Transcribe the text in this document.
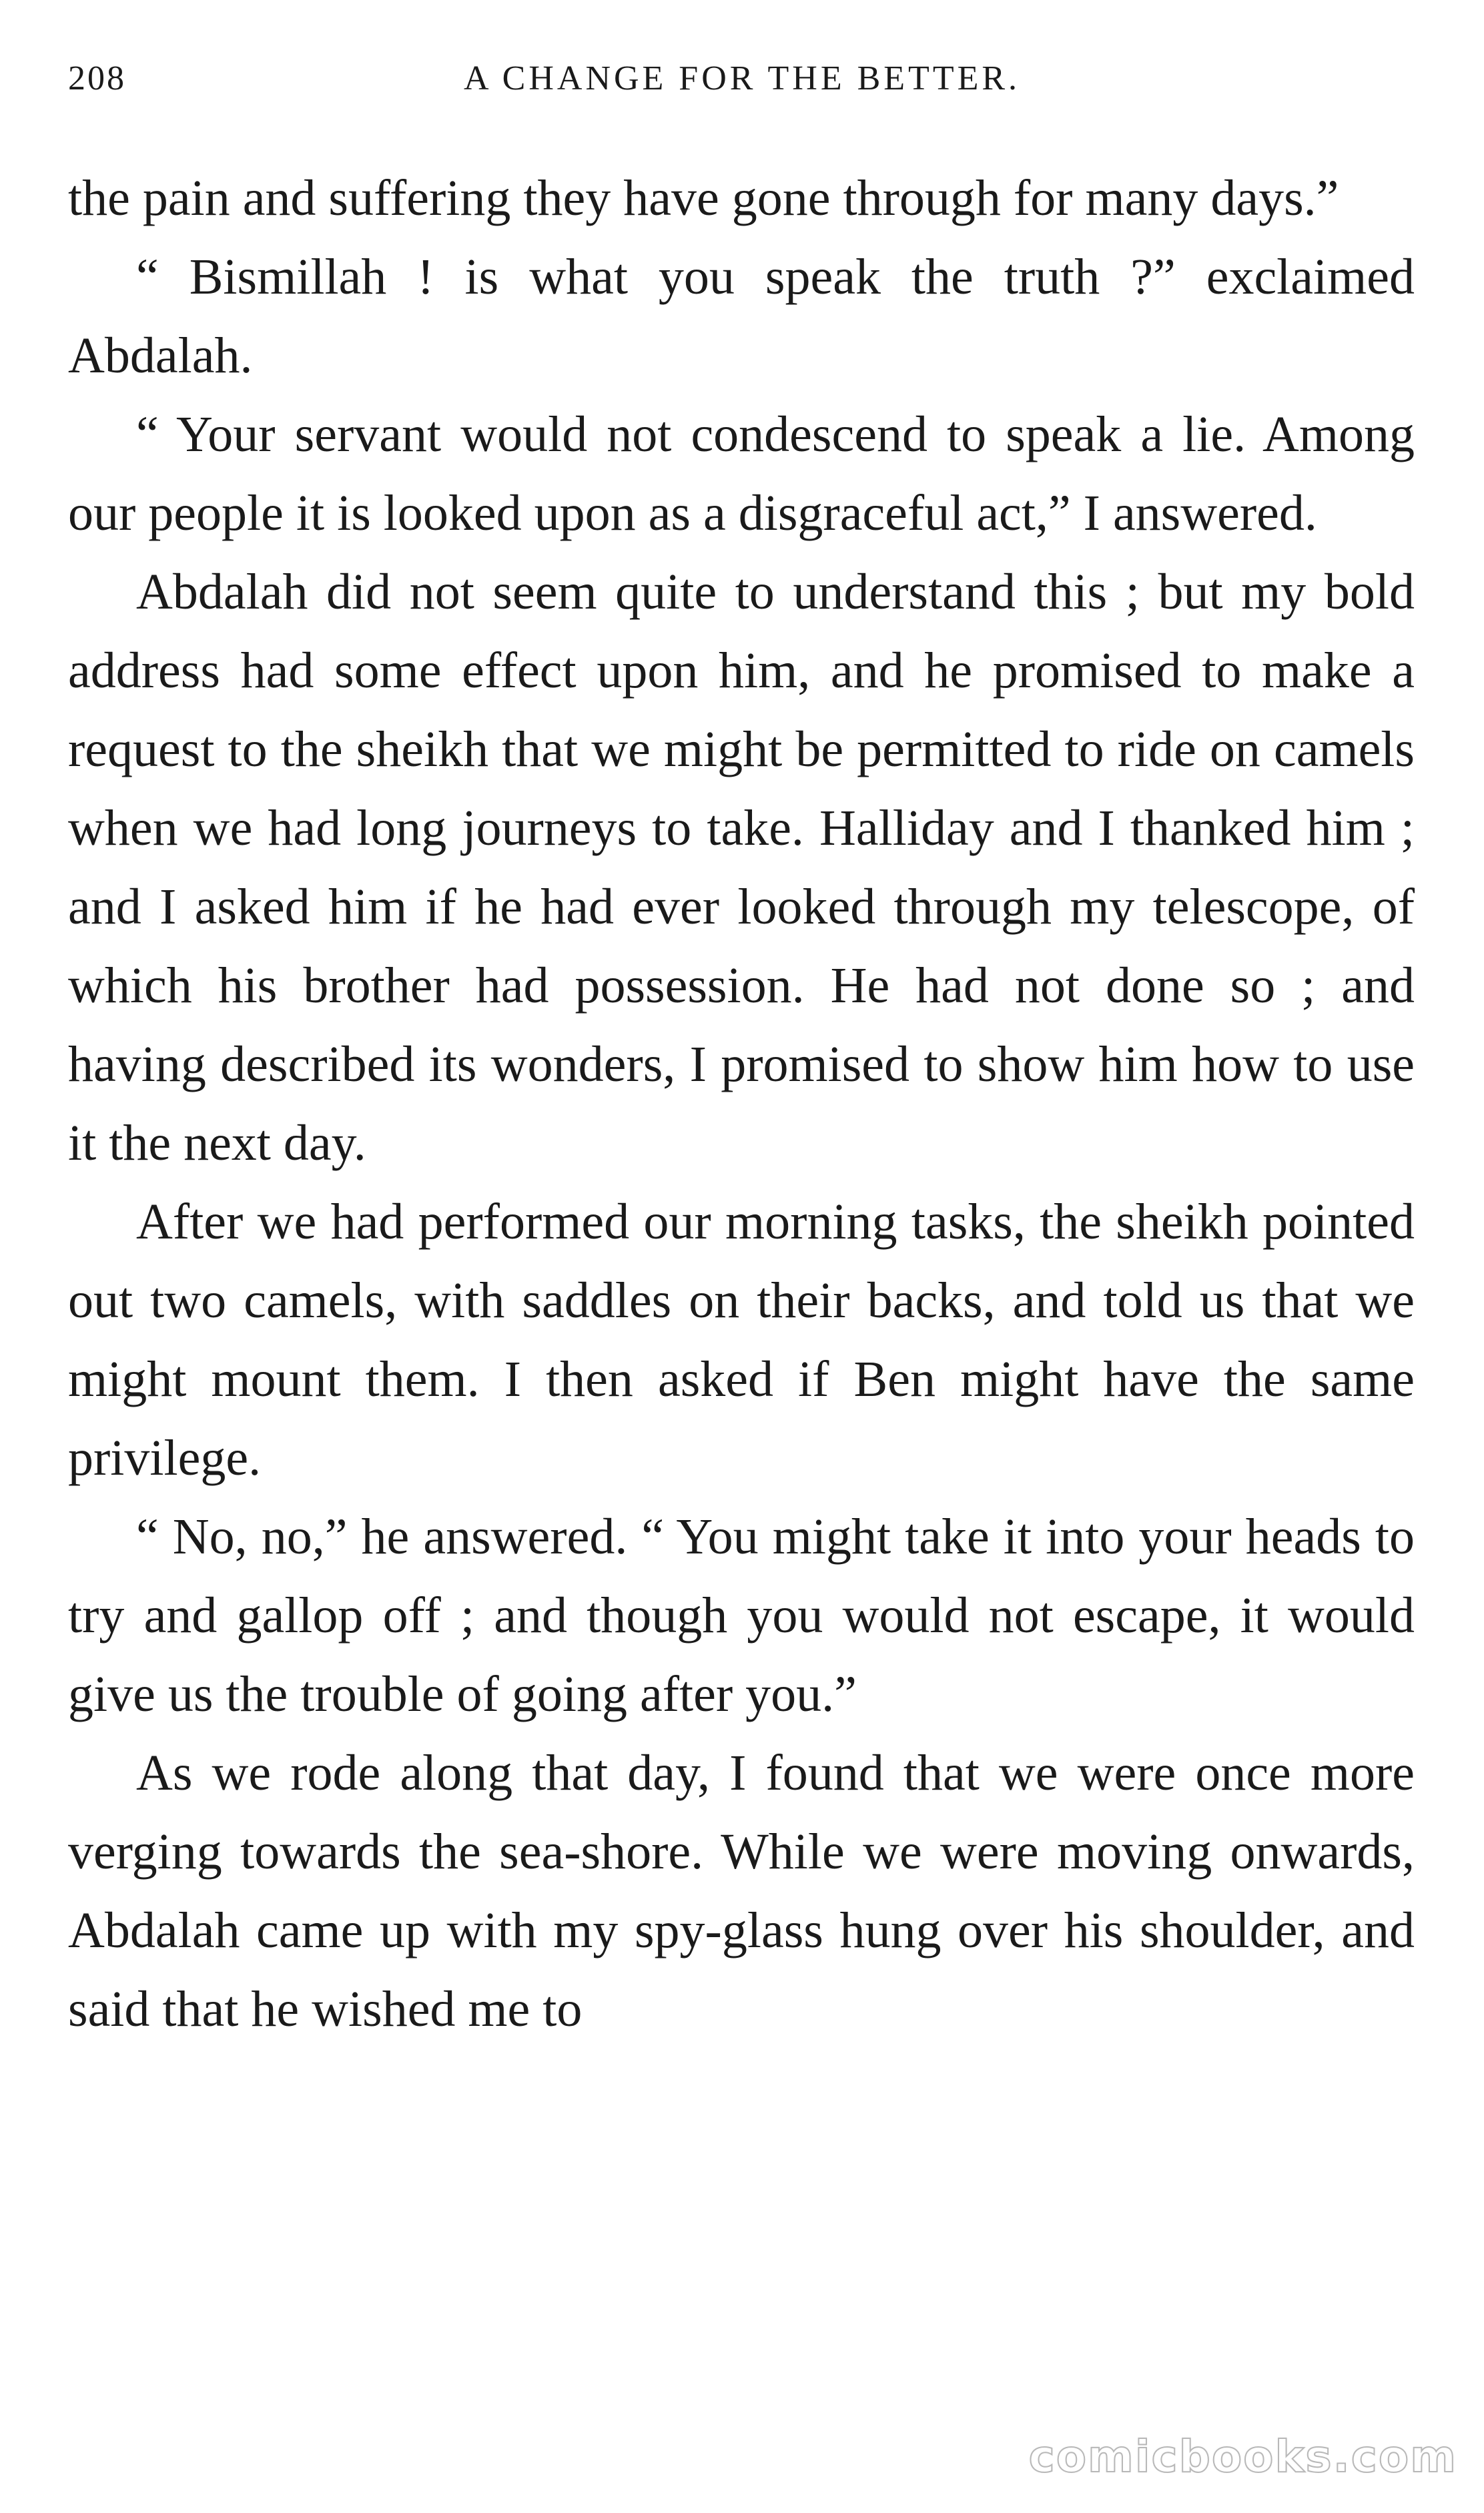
208	A CHANGE FOR THE BETTER.

the pain and suffering they have gone through for many days.”

“ Bismillah ! is what you speak the truth ?” exclaimed Abdalah.

“ Your servant would not condescend to speak a lie. Among our people it is looked upon as a disgraceful act,” I answered.

Abdalah did not seem quite to understand this ; but my bold address had some effect upon him, and he promised to make a request to the sheikh that we might be permitted to ride on camels when we had long journeys to take. Halliday and I thanked him ; and I asked him if he had ever looked through my telescope, of which his brother had possession. He had not done so ; and having described its wonders, I promised to show him how to use it the next day.

After we had performed our morning tasks, the sheikh pointed out two camels, with saddles on their backs, and told us that we might mount them. I then asked if Ben might have the same privilege.

“ No, no,” he answered. “ You might take it into your heads to try and gallop off ; and though you would not escape, it would give us the trouble of going after you.”

As we rode along that day, I found that we were once more verging towards the sea-shore. While we were moving onwards, Abdalah came up with my spy-glass hung over his shoulder, and said that he wished me to

comicbooks.com
